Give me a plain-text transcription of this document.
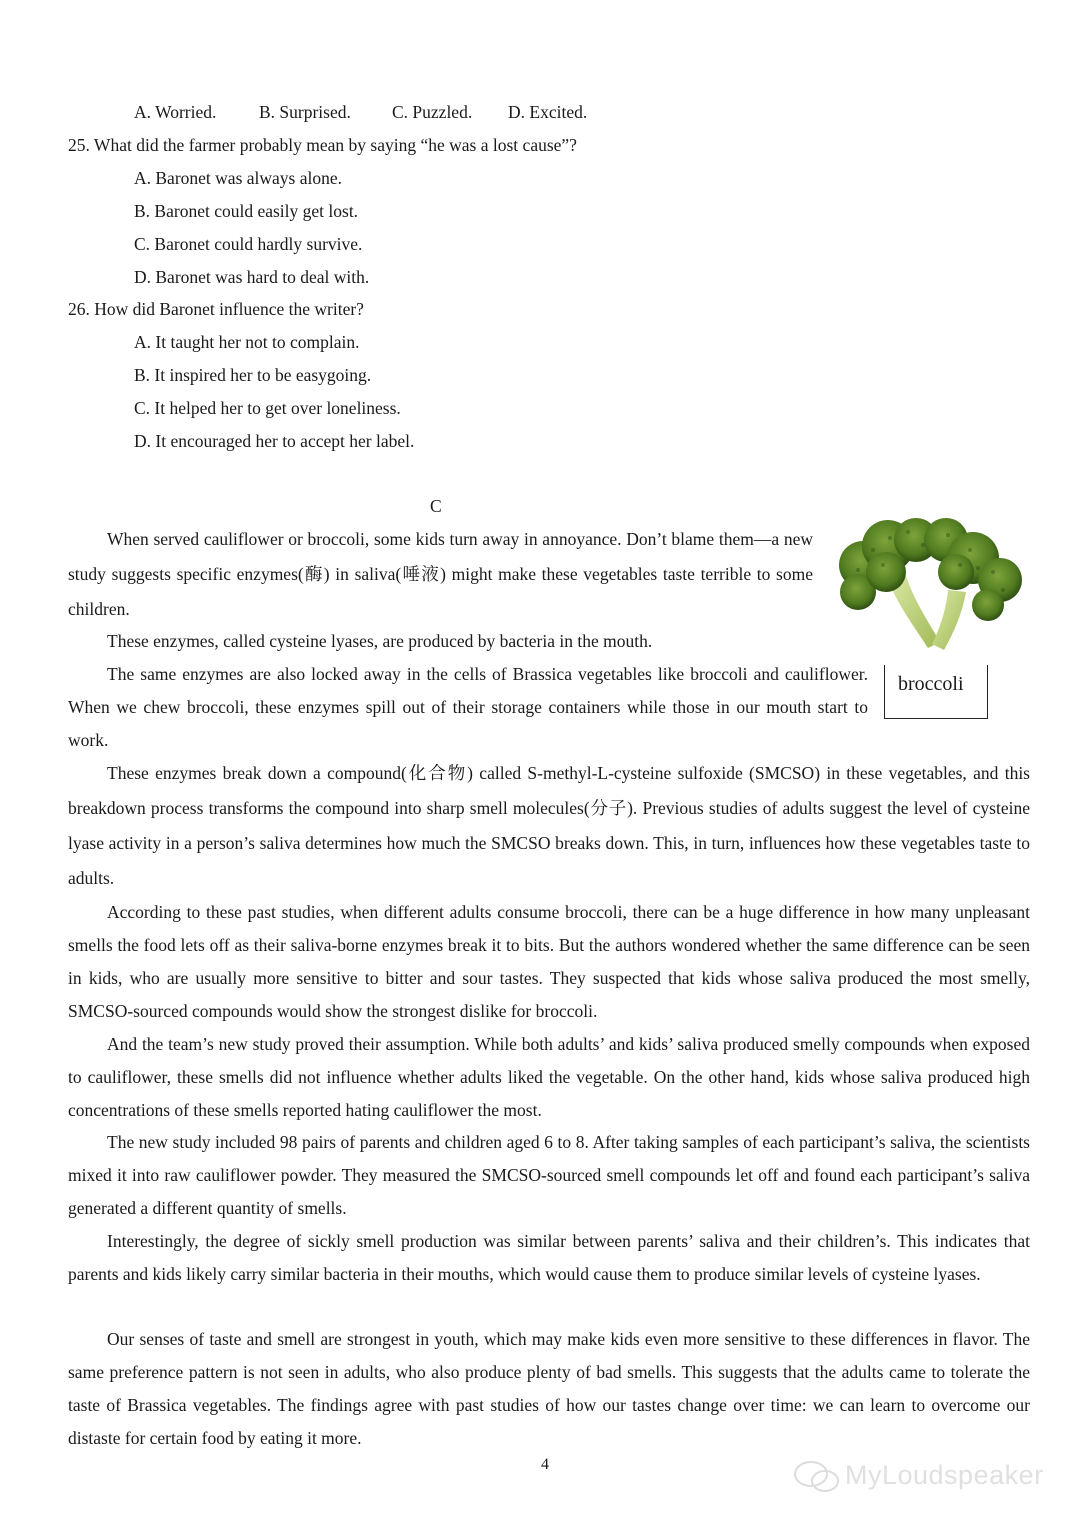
A. Worried. B. Surprised. C. Puzzled. D. Excited.
25. What did the farmer probably mean by saying “he was a lost cause”?
A. Baronet was always alone.
B. Baronet could easily get lost.
C. Baronet could hardly survive.
D. Baronet was hard to deal with.
26. How did Baronet influence the writer?
A. It taught her not to complain.
B. It inspired her to be easygoing.
C. It helped her to get over loneliness.
D. It encouraged her to accept her label.
C
When served cauliflower or broccoli, some kids turn away in annoyance. Don’t blame them—a new study suggests specific enzymes(酶) in saliva(唾液) might make these vegetables taste terrible to some children.
These enzymes, called cysteine lyases, are produced by bacteria in the mouth.
The same enzymes are also locked away in the cells of Brassica vegetables like broccoli and cauliflower. When we chew broccoli, these enzymes spill out of their storage containers while those in our mouth start to work.
These enzymes break down a compound(化合物) called S-methyl-L-cysteine sulfoxide (SMCSO) in these vegetables, and this breakdown process transforms the compound into sharp smell molecules(分子). Previous studies of adults suggest the level of cysteine lyase activity in a person’s saliva determines how much the SMCSO breaks down. This, in turn, influences how these vegetables taste to adults.
According to these past studies, when different adults consume broccoli, there can be a huge difference in how many unpleasant smells the food lets off as their saliva-borne enzymes break it to bits. But the authors wondered whether the same difference can be seen in kids, who are usually more sensitive to bitter and sour tastes. They suspected that kids whose saliva produced the most smelly, SMCSO-sourced compounds would show the strongest dislike for broccoli.
And the team’s new study proved their assumption. While both adults’ and kids’ saliva produced smelly compounds when exposed to cauliflower, these smells did not influence whether adults liked the vegetable. On the other hand, kids whose saliva produced high concentrations of these smells reported hating cauliflower the most.
The new study included 98 pairs of parents and children aged 6 to 8. After taking samples of each participant’s saliva, the scientists mixed it into raw cauliflower powder. They measured the SMCSO-sourced smell compounds let off and found each participant’s saliva generated a different quantity of smells.
Interestingly, the degree of sickly smell production was similar between parents’ saliva and their children’s. This indicates that parents and kids likely carry similar bacteria in their mouths, which would cause them to produce similar levels of cysteine lyases.
Our senses of taste and smell are strongest in youth, which may make kids even more sensitive to these differences in flavor. The same preference pattern is not seen in adults, who also produce plenty of bad smells. This suggests that the adults came to tolerate the taste of Brassica vegetables. The findings agree with past studies of how our tastes change over time: we can learn to overcome our distaste for certain food by eating it more.
broccoli
4	MyLoudspeaker
